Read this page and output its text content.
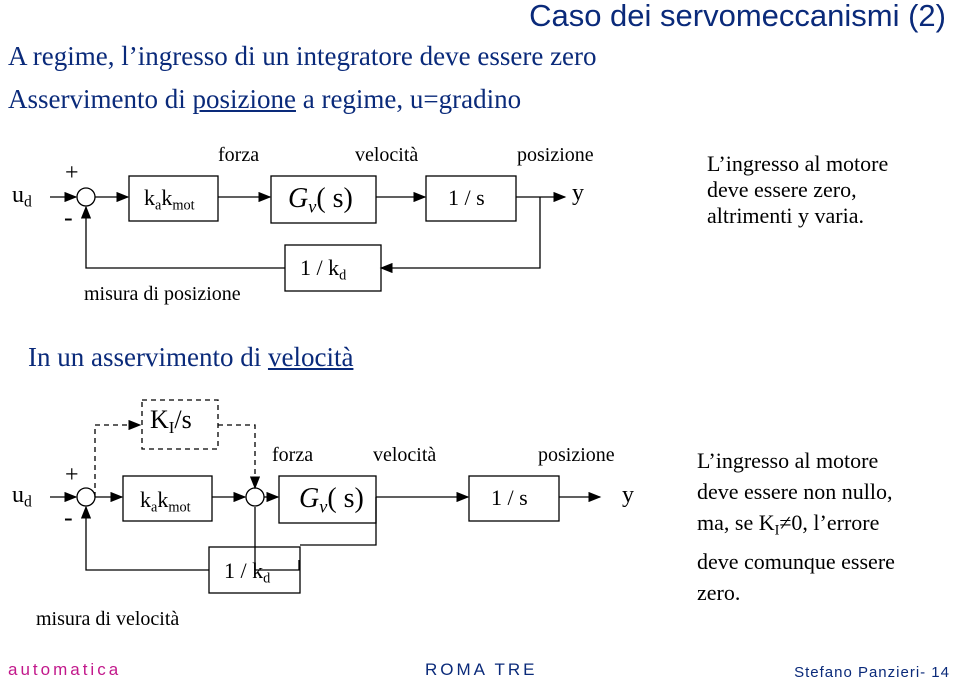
Caso dei servomeccanismi (2)
A regime, l’ingresso di un integratore deve essere zero
Asservimento di posizione a regime, u=gradino
$u_d$
+
-
$k_ak_{mot}$
forza	velocità	posizione
$G_v$( s)	1 / s	y
$1 / k_d$
misura di posizione
L’ingresso al motore
deve essere zero,
altrimenti y varia.
In un asservimento di velocità
$K_I/s$
$u_d$
+
-
$k_ak_{mot}$
forza	velocità	posizione
$G_v$( s)	1 / s	y
$1 / k_d$
misura di velocità
L’ingresso al motore
deve essere non nullo,
ma, se $K_I\ne 0$, l’errore
deve comunque essere
zero.
automatica	ROMA TRE	Stefano Panzieri- 14
